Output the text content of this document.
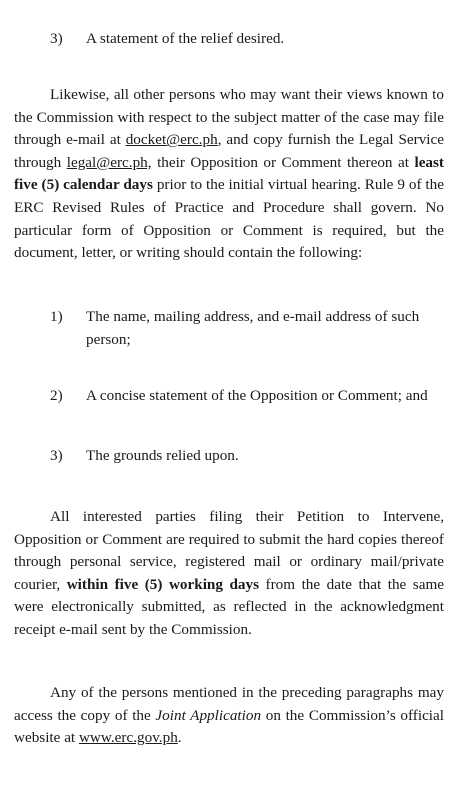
3)	A statement of the relief desired.

Likewise, all other persons who may want their views known to the Commission with respect to the subject matter of the case may file through e-mail at docket@erc.ph, and copy furnish the Legal Service through legal@erc.ph, their Opposition or Comment thereon at least five (5) calendar days prior to the initial virtual hearing. Rule 9 of the ERC Revised Rules of Practice and Procedure shall govern. No particular form of Opposition or Comment is required, but the document, letter, or writing should contain the following:

1)	The name, mailing address, and e-mail address of such person;
2)	A concise statement of the Opposition or Comment; and
3)	The grounds relied upon.

All interested parties filing their Petition to Intervene, Opposition or Comment are required to submit the hard copies thereof through personal service, registered mail or ordinary mail/private courier, within five (5) working days from the date that the same were electronically submitted, as reflected in the acknowledgment receipt e-mail sent by the Commission.

Any of the persons mentioned in the preceding paragraphs may access the copy of the Joint Application on the Commission’s official website at www.erc.gov.ph.
